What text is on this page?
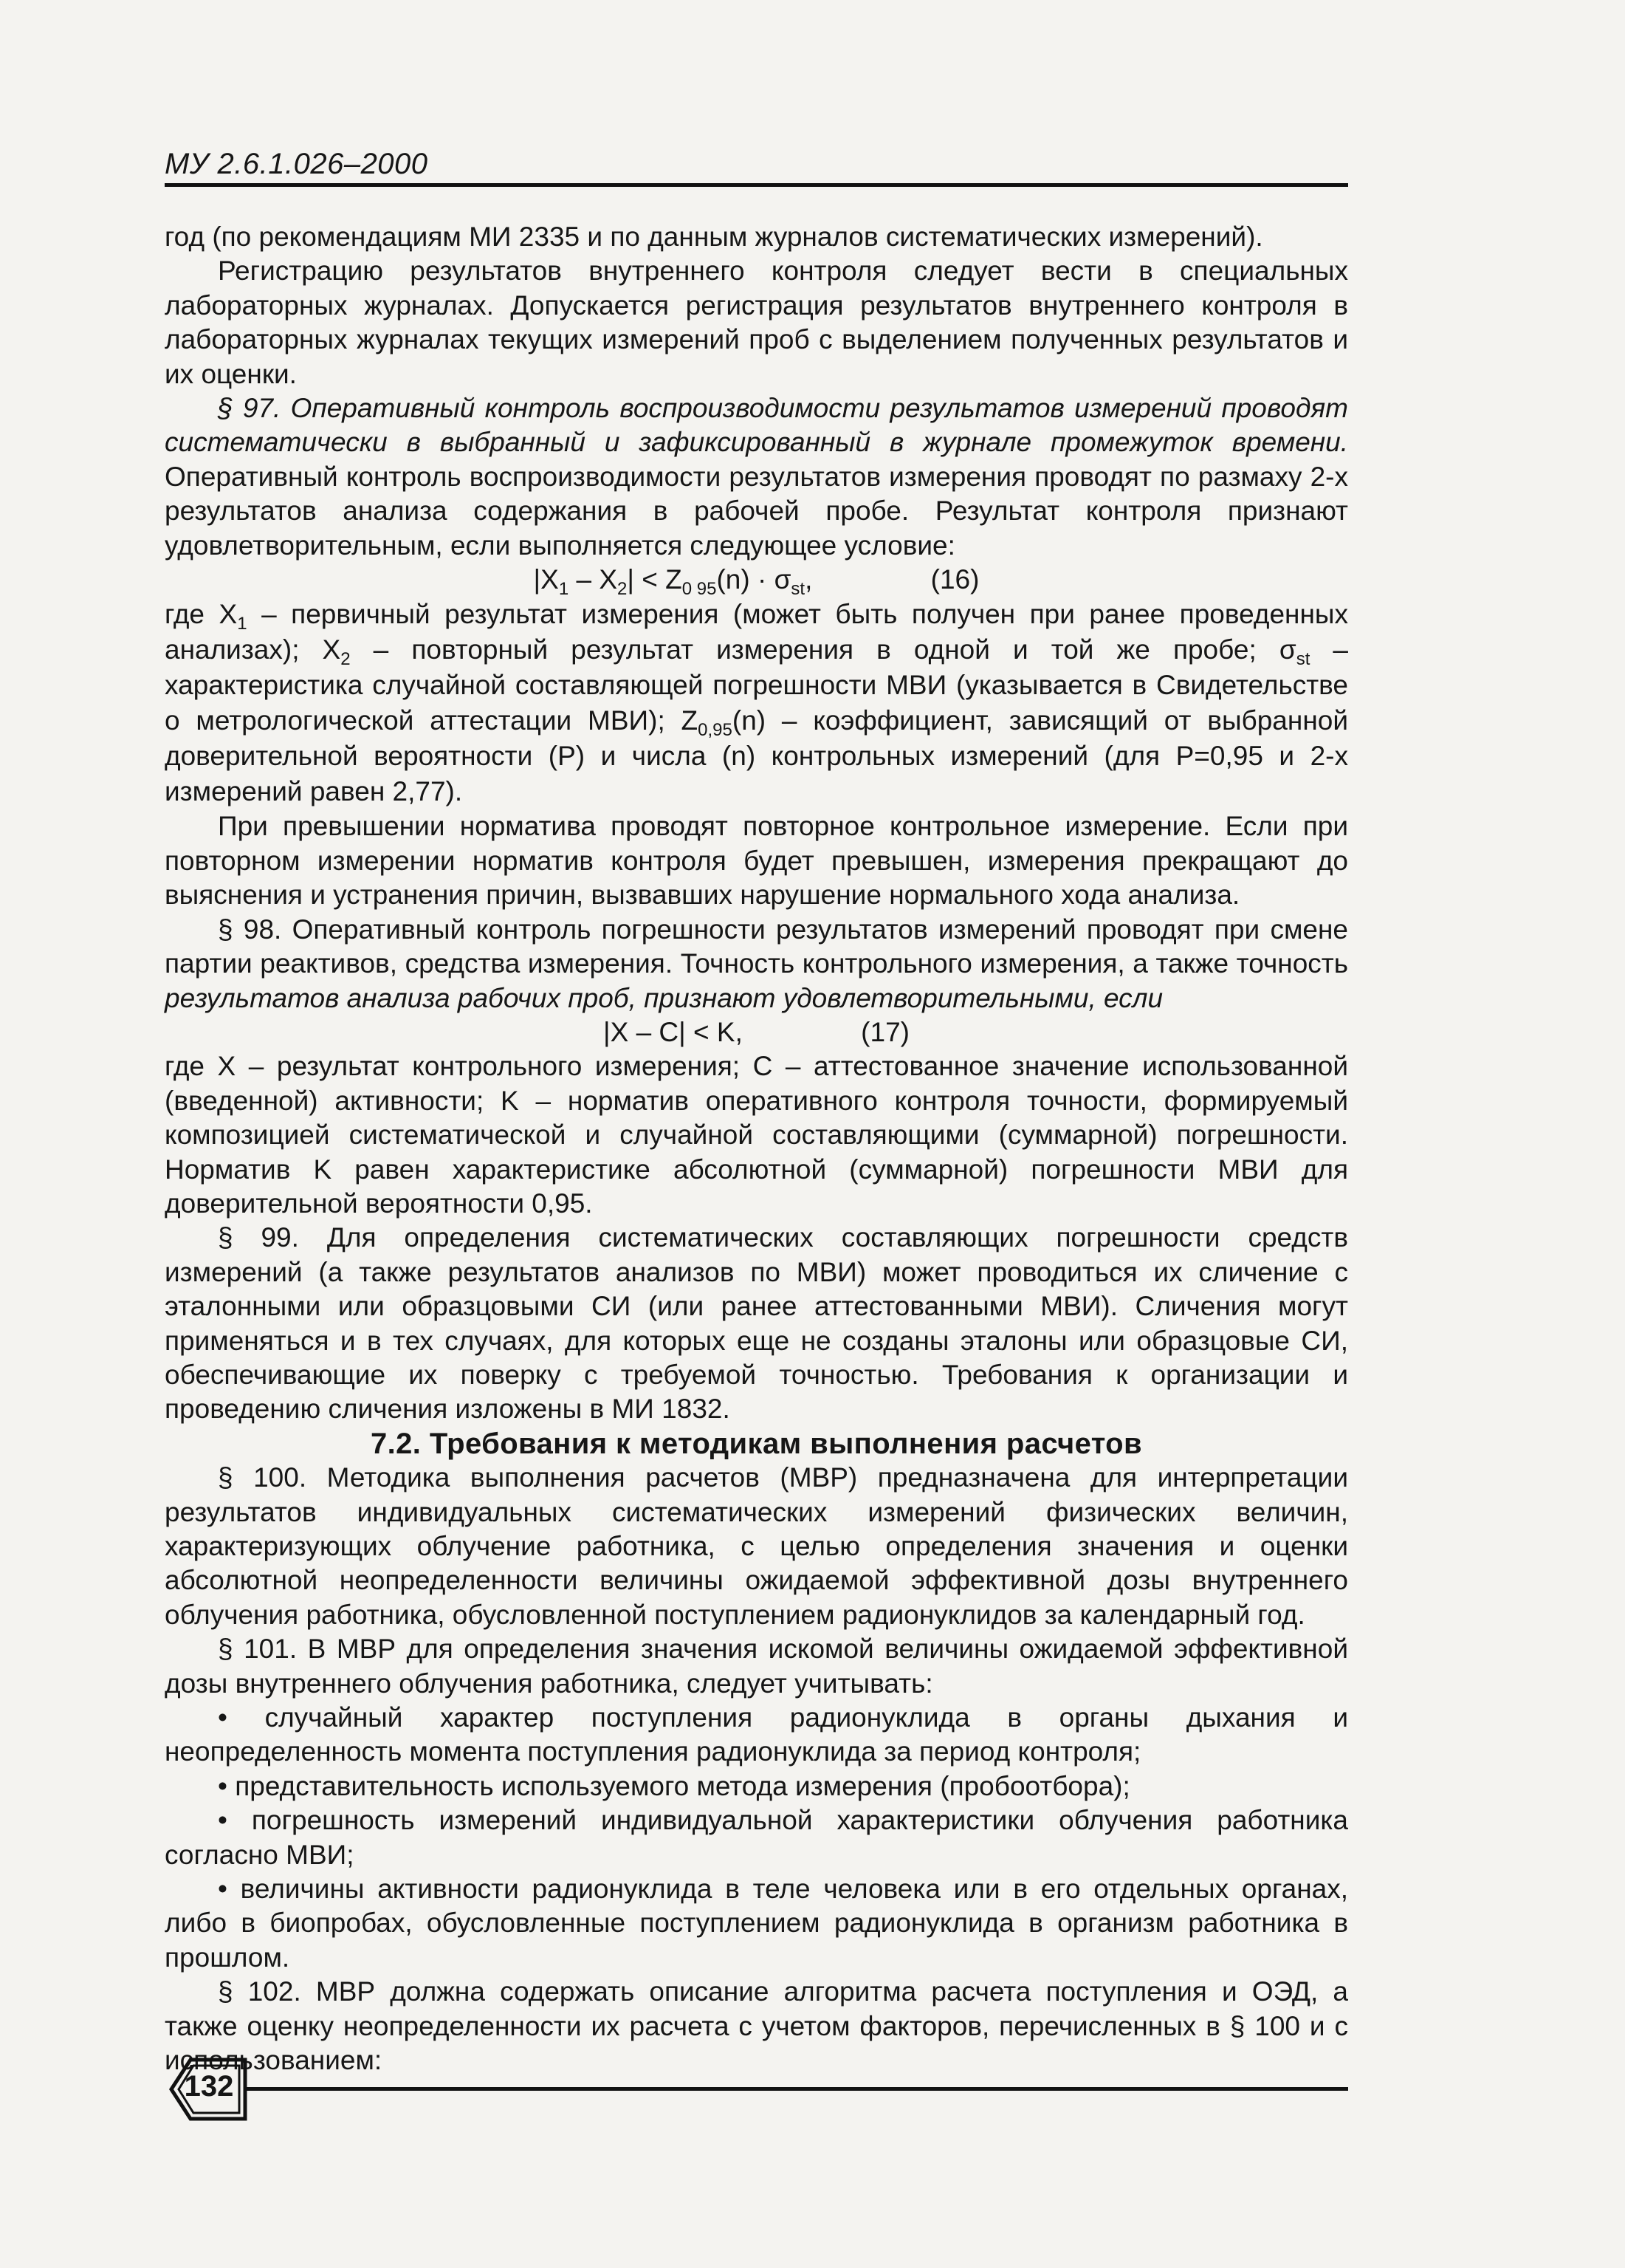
МУ 2.6.1.026–2000

год (по рекомендациям МИ 2335 и по данным журналов систематических измерений).

Регистрацию результатов внутреннего контроля следует вести в специальных лабораторных журналах. Допускается регистрация результатов внутреннего контроля в лабораторных журналах текущих измерений проб с выделением полученных результатов и их оценки.

§ 97. Оперативный контроль воспроизводимости результатов измерений проводят систематически в выбранный и зафиксированный в журнале промежуток времени. Оперативный контроль воспроизводимости результатов измерения проводят по размаху 2-х результатов анализа содержания в рабочей пробе. Результат контроля признают удовлетворительным, если выполняется следующее условие:

$|X_1 - X_2| < Z_{0 95}(n) \cdot \sigma_{st}$,	(16)

где $X_1$ – первичный результат измерения (может быть получен при ранее проведенных анализах); $X_2$ – повторный результат измерения в одной и той же пробе; $\sigma_{st}$ – характеристика случайной составляющей погрешности МВИ (указывается в Свидетельстве о метрологической аттестации МВИ); $Z_{0,95}(n)$ – коэффициент, зависящий от выбранной доверительной вероятности (P) и числа (n) контрольных измерений (для P=0,95 и 2-х измерений равен 2,77).

При превышении норматива проводят повторное контрольное измерение. Если при повторном измерении норматив контроля будет превышен, измерения прекращают до выяснения и устранения причин, вызвавших нарушение нормального хода анализа.

§ 98. Оперативный контроль погрешности результатов измерений проводят при смене партии реактивов, средства измерения. Точность контрольного измерения, а также точность результатов анализа рабочих проб, признают удовлетворительными, если

|X – C| < K,	(17)

где X – результат контрольного измерения; C – аттестованное значение использованной (введенной) активности; K – норматив оперативного контроля точности, формируемый композицией систематической и случайной составляющими (суммарной) погрешности. Норматив K равен характеристике абсолютной (суммарной) погрешности МВИ для доверительной вероятности 0,95.

§ 99. Для определения систематических составляющих погрешности средств измерений (а также результатов анализов по МВИ) может проводиться их сличение с эталонными или образцовыми СИ (или ранее аттестованными МВИ). Сличения могут применяться и в тех случаях, для которых еще не созданы эталоны или образцовые СИ, обеспечивающие их поверку с требуемой точностью. Требования к организации и проведению сличения изложены в МИ 1832.

7.2. Требования к методикам выполнения расчетов

§ 100. Методика выполнения расчетов (МВР) предназначена для интерпретации результатов индивидуальных систематических измерений физических величин, характеризующих облучение работника, с целью определения значения и оценки абсолютной неопределенности величины ожидаемой эффективной дозы внутреннего облучения работника, обусловленной поступлением радионуклидов за календарный год.

§ 101. В МВР для определения значения искомой величины ожидаемой эффективной дозы внутреннего облучения работника, следует учитывать:

• случайный характер поступления радионуклида в органы дыхания и неопределенность момента поступления радионуклида за период контроля;

• представительность используемого метода измерения (пробоотбора);

• погрешность измерений индивидуальной характеристики облучения работника согласно МВИ;

• величины активности радионуклида в теле человека или в его отдельных органах, либо в биопробах, обусловленные поступлением радионуклида в организм работника в прошлом.

§ 102. МВР должна содержать описание алгоритма расчета поступления и ОЭД, а также оценку неопределенности их расчета с учетом факторов, перечисленных в § 100 и с использованием:

132
